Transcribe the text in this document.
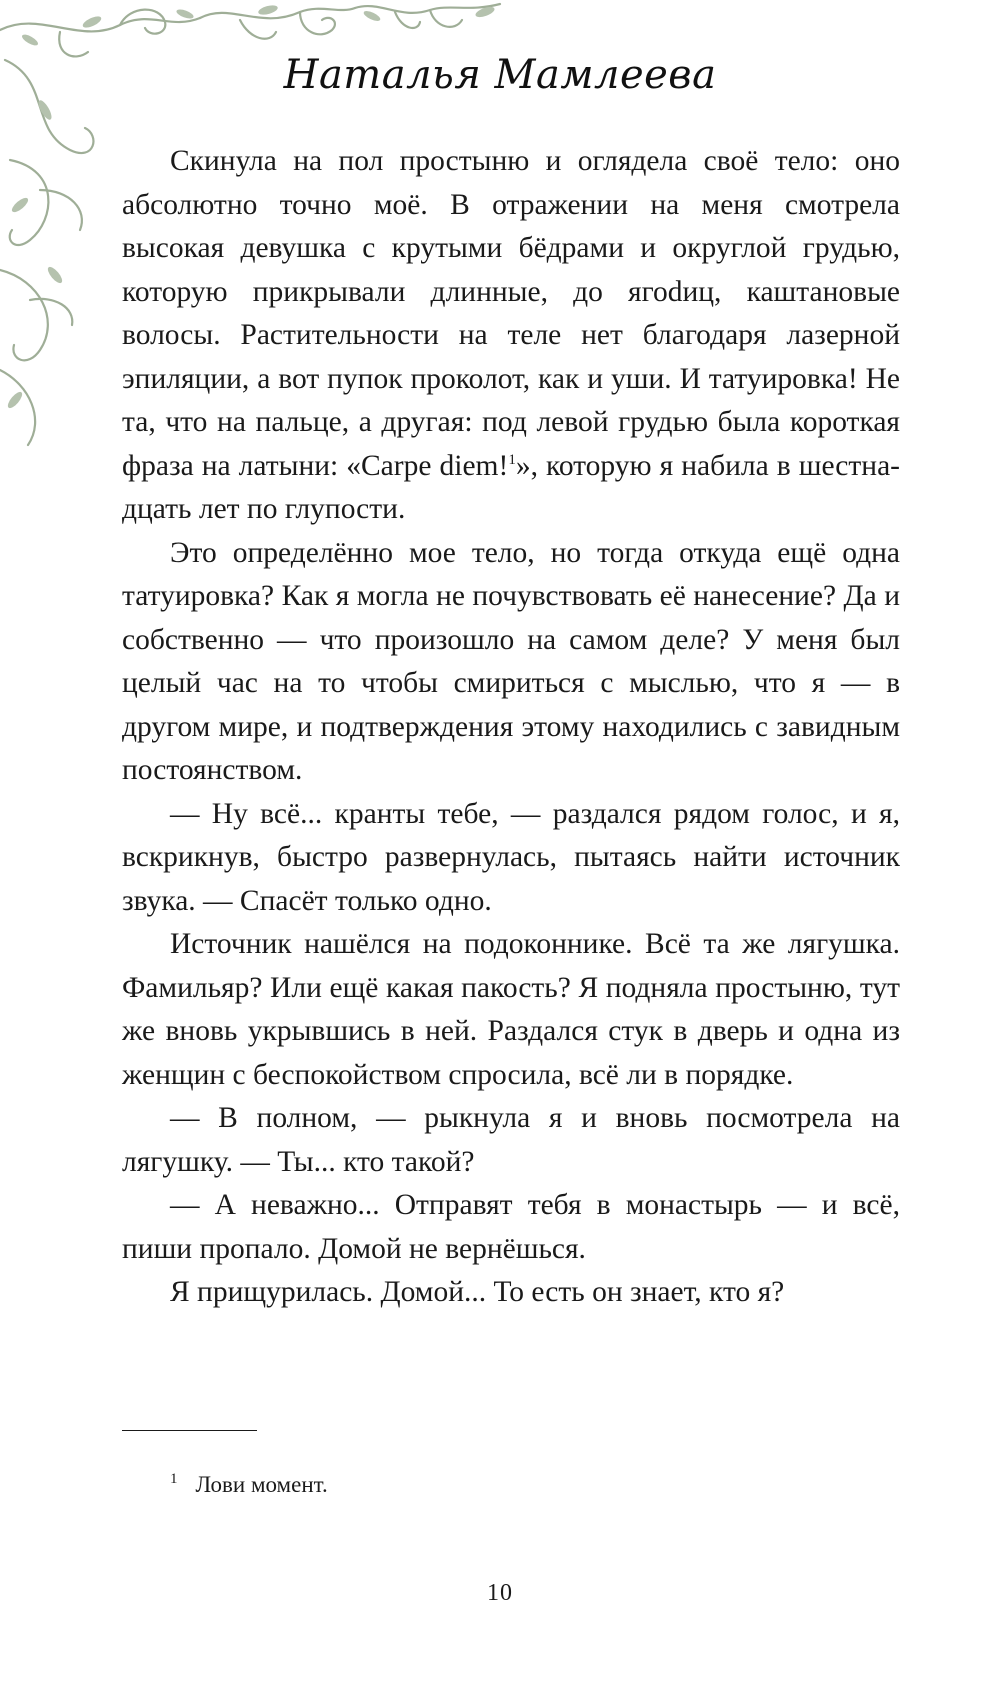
Наталья Мамлеева

Скинула на пол простыню и оглядела своё тело: оно абсолютно точно моё. В отражении на меня смотрела высокая девушка с крутыми бёдрами и округлой грудью, которую прикрывали длинные, до ягоdиц, каштановые волосы. Растительности на теле нет благодаря лазерной эпиляции, а вот пупок проколот, как и уши. И татуировка! Не та, что на пальце, а другая: под левой грудью была короткая фраза на латыни: «Carpe diem!$^1$», которую я набила в шестнадцать лет по глупости.

Это определённо мое тело, но тогда откуда ещё одна татуировка? Как я могла не почувствовать её нанесение? Да и собственно — что произошло на самом деле? У меня был целый час на то чтобы смириться с мыслью, что я — в другом мире, и подтверждения этому находились с завидным постоянством.

— Ну всё... кранты тебе, — раздался рядом голос, и я, вскрикнув, быстро развернулась, пытаясь найти источник звука. — Спасёт только одно.

Источник нашёлся на подоконнике. Всё та же лягушка. Фамильяр? Или ещё какая пакость? Я подняла простыню, тут же вновь укрывшись в ней. Раздался стук в дверь и одна из женщин с беспокойством спросила, всё ли в порядке.

— В полном, — рыкнула я и вновь посмотрела на лягушку. — Ты... кто такой?

— А неважно... Отправят тебя в монастырь — и всё, пиши пропало. Домой не вернёшься.

Я прищурилась. Домой... То есть он знает, кто я?

$^1$ Лови момент.
10
